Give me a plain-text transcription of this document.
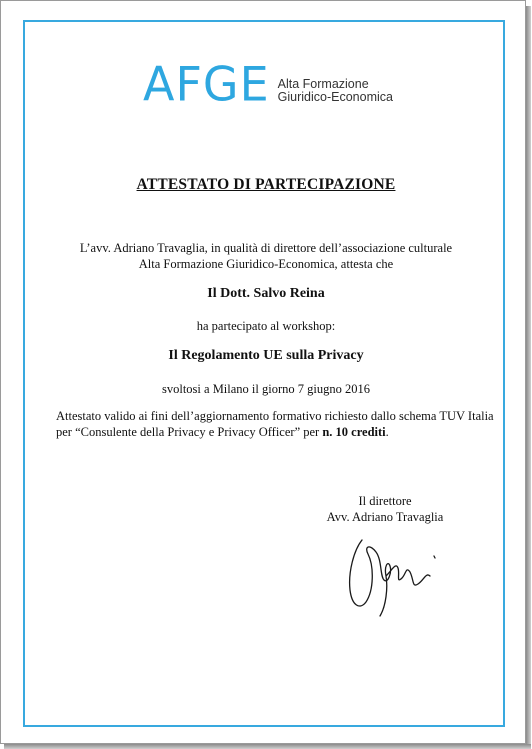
AFGE Alta Formazione
Giuridico-Economica
ATTESTATO DI PARTECIPAZIONE
L’avv. Adriano Travaglia, in qualità di direttore dell’associazione culturale
Alta Formazione Giuridico-Economica, attesta che
Il Dott. Salvo Reina
ha partecipato al workshop:
Il Regolamento UE sulla Privacy
svoltosi a Milano il giorno 7 giugno 2016
Attestato valido ai fini dell’aggiornamento formativo richiesto dallo schema TUV Italia per “Consulente della Privacy e Privacy Officer” per n. 10 crediti.
Il direttore
Avv. Adriano Travaglia
